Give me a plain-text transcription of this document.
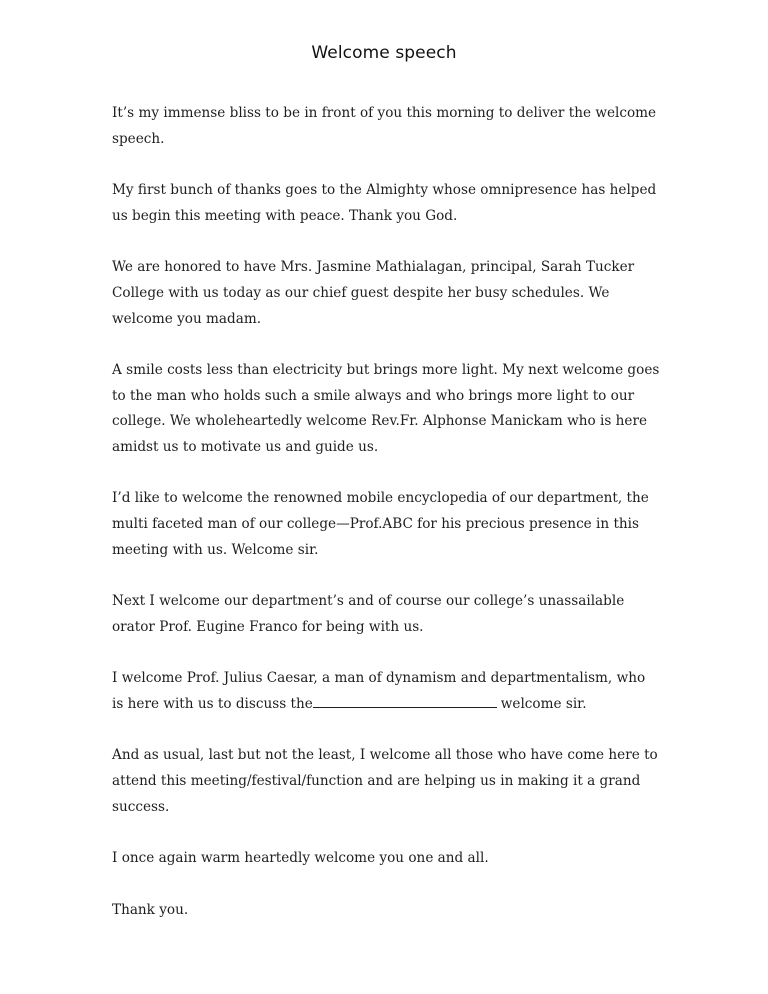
Welcome speech

It’s my immense bliss to be in front of you this morning to deliver the welcome speech.

My first bunch of thanks goes to the Almighty whose omnipresence has helped us begin this meeting with peace. Thank you God.

We are honored to have Mrs. Jasmine Mathialagan, principal, Sarah Tucker College with us today as our chief guest despite her busy schedules. We welcome you madam.

A smile costs less than electricity but brings more light. My next welcome goes to the man who holds such a smile always and who brings more light to our college. We wholeheartedly welcome Rev.Fr. Alphonse Manickam who is here amidst us to motivate us and guide us.

I’d like to welcome the renowned mobile encyclopedia of our department, the multi faceted man of our college—Prof.ABC for his precious presence in this meeting with us. Welcome sir.

Next I welcome our department’s and of course our college’s unassailable orator Prof. Eugine Franco for being with us.

I welcome Prof. Julius Caesar, a man of dynamism and departmentalism, who is here with us to discuss the	welcome sir.

And as usual, last but not the least, I welcome all those who have come here to attend this meeting/festival/function and are helping us in making it a grand success.

I once again warm heartedly welcome you one and all.

Thank you.
